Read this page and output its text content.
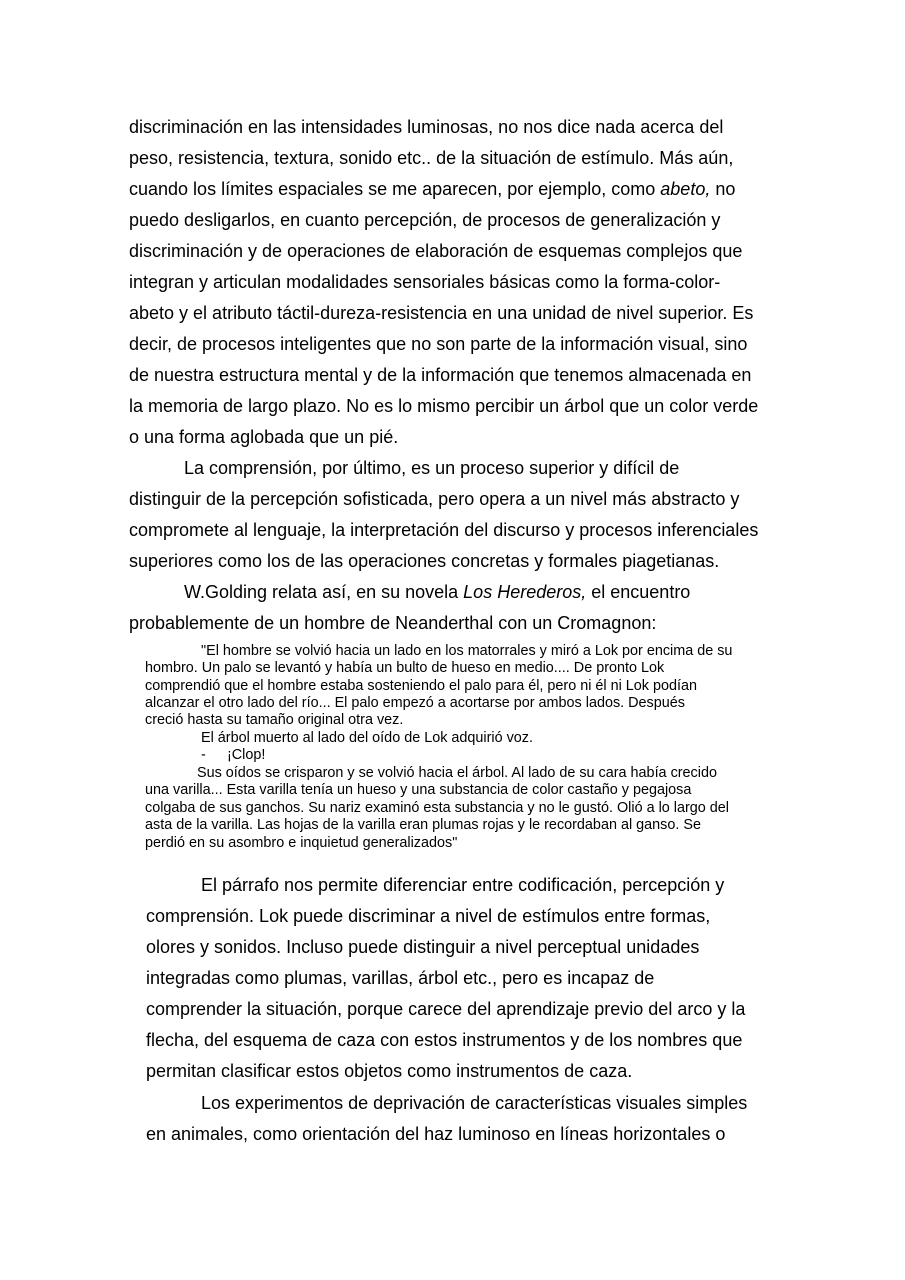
discriminación en las intensidades luminosas, no nos dice nada acerca del
peso, resistencia, textura, sonido etc.. de la situación de estímulo. Más aún,
cuando los límites espaciales se me aparecen, por ejemplo, como abeto, no
puedo desligarlos, en cuanto percepción, de procesos de generalización y
discriminación y de operaciones de elaboración de esquemas complejos que
integran y articulan modalidades sensoriales básicas como la forma-color-
abeto y el atributo táctil-dureza-resistencia en una unidad de nivel superior. Es
decir, de procesos inteligentes que no son parte de la información visual, sino
de nuestra estructura mental y de la información que tenemos almacenada en
la memoria de largo plazo. No es lo mismo percibir un árbol que un color verde
o una forma aglobada que un pié.
La comprensión, por último, es un proceso superior y difícil de
distinguir de la percepción sofisticada, pero opera a un nivel más abstracto y
compromete al lenguaje, la interpretación del discurso y procesos inferenciales
superiores como los de las operaciones concretas y formales piagetianas.
W.Golding relata así, en su novela Los Herederos, el encuentro
probablemente de un hombre de Neanderthal con un Cromagnon:
"El hombre se volvió hacia un lado en los matorrales y miró a Lok por encima de su
hombro. Un palo se levantó y había un bulto de hueso en medio.... De pronto Lok
comprendió que el hombre estaba sosteniendo el palo para él, pero ni él ni Lok podían
alcanzar el otro lado del río... El palo empezó a acortarse por ambos lados. Después
creció hasta su tamaño original otra vez.
El árbol muerto al lado del oído de Lok adquirió voz.
- ¡Clop!
Sus oídos se crisparon y se volvió hacia el árbol. Al lado de su cara había crecido
una varilla... Esta varilla tenía un hueso y una substancia de color castaño y pegajosa
colgaba de sus ganchos. Su nariz examinó esta substancia y no le gustó. Olió a lo largo del
asta de la varilla. Las hojas de la varilla eran plumas rojas y le recordaban al ganso. Se
perdió en su asombro e inquietud generalizados"
El párrafo nos permite diferenciar entre codificación, percepción y
comprensión. Lok puede discriminar a nivel de estímulos entre formas,
olores y sonidos. Incluso puede distinguir a nivel perceptual unidades
integradas como plumas, varillas, árbol etc., pero es incapaz de
comprender la situación, porque carece del aprendizaje previo del arco y la
flecha, del esquema de caza con estos instrumentos y de los nombres que
permitan clasificar estos objetos como instrumentos de caza.
Los experimentos de deprivación de características visuales simples
en animales, como orientación del haz luminoso en líneas horizontales o
